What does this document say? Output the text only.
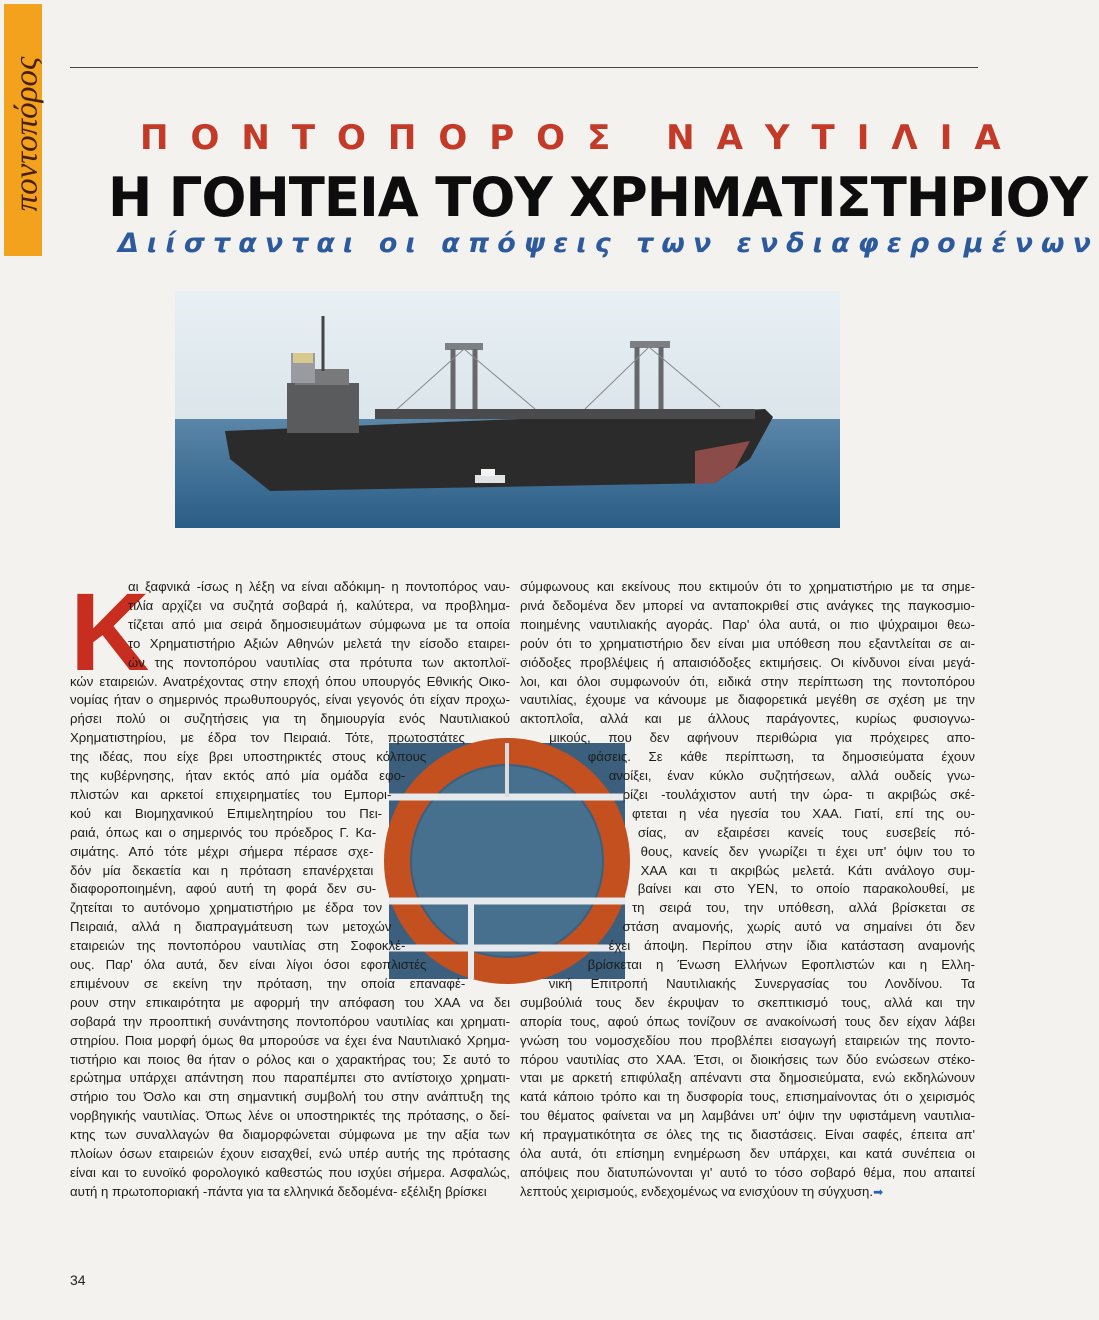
ποντοπόρος	ΠΟΝΤΟΠΟΡΟΣ ΝΑΥΤΙΛΙΑ
Η ΓΟΗΤΕΙΑ ΤΟΥ ΧΡΗΜΑΤΙΣΤΗΡΙΟΥ
Διίστανται οι απόψεις των ενδιαφερομένων
Κ
αι ξαφνικά -ίσως η λέξη να είναι αδόκιμη- η ποντοπόρος ναυ-
τιλία αρχίζει να συζητά σοβαρά ή, καλύτερα, να προβλημα-
τίζεται από μια σειρά δημοσιευμάτων σύμφωνα με τα οποία
το Χρηματιστήριο Αξιών Αθηνών μελετά την είσοδο εταιρει-
ών της ποντοπόρου ναυτιλίας στα πρότυπα των ακτοπλοϊ-
κών εταιρειών. Ανατρέχοντας στην εποχή όπου υπουργός Εθνικής Οικο-
νομίας ήταν ο σημερινός πρωθυπουργός, είναι γεγονός ότι είχαν προχω-
ρήσει πολύ οι συζητήσεις για τη δημιουργία ενός Ναυτιλιακού
Χρηματιστηρίου, με έδρα τον Πειραιά. Τότε, πρωτοστάτες
της ιδέας, που είχε βρει υποστηρικτές στους κόλπους
της κυβέρνησης, ήταν εκτός από μία ομάδα εφο-
πλιστών και αρκετοί επιχειρηματίες του Εμπορι-
κού και Βιομηχανικού Επιμελητηρίου του Πει-
ραιά, όπως και ο σημερινός του πρόεδρος Γ. Κα-
σιμάτης. Από τότε μέχρι σήμερα πέρασε σχε-
δόν μία δεκαετία και η πρόταση επανέρχεται
διαφοροποιημένη, αφού αυτή τη φορά δεν συ-
ζητείται το αυτόνομο χρηματιστήριο με έδρα τον
Πειραιά, αλλά η διαπραγμάτευση των μετοχών
εταιρειών της ποντοπόρου ναυτιλίας στη Σοφοκλέ-
ους. Παρ' όλα αυτά, δεν είναι λίγοι όσοι εφοπλιστές
επιμένουν σε εκείνη την πρόταση, την οποία επαναφέ-
ρουν στην επικαιρότητα με αφορμή την απόφαση του ΧΑΑ να δει
σοβαρά την προοπτική συνάντησης ποντοπόρου ναυτιλίας και χρηματι-
στηρίου. Ποια μορφή όμως θα μπορούσε να έχει ένα Ναυτιλιακό Χρημα-
τιστήριο και ποιος θα ήταν ο ρόλος και ο χαρακτήρας του; Σε αυτό το
ερώτημα υπάρχει απάντηση που παραπέμπει στο αντίστοιχο χρηματι-
στήριο του Όσλο και στη σημαντική συμβολή του στην ανάπτυξη της
νορβηγικής ναυτιλίας. Όπως λένε οι υποστηρικτές της πρότασης, ο δεί-
κτης των συναλλαγών θα διαμορφώνεται σύμφωνα με την αξία των
πλοίων όσων εταιρειών έχουν εισαχθεί, ενώ υπέρ αυτής της πρότασης
είναι και το ευνοϊκό φορολογικό καθεστώς που ισχύει σήμερα. Ασφαλώς,
αυτή η πρωτοποριακή -πάντα για τα ελληνικά δεδομένα- εξέλιξη βρίσκει
σύμφωνους και εκείνους που εκτιμούν ότι το χρηματιστήριο με τα σημε-
ρινά δεδομένα δεν μπορεί να ανταποκριθεί στις ανάγκες της παγκοσμιο-
ποιημένης ναυτιλιακής αγοράς. Παρ' όλα αυτά, οι πιο ψύχραιμοι θεω-
ρούν ότι το χρηματιστήριο δεν είναι μια υπόθεση που εξαντλείται σε αι-
σιόδοξες προβλέψεις ή απαισιόδοξες εκτιμήσεις. Οι κίνδυνοι είναι μεγά-
λοι, και όλοι συμφωνούν ότι, ειδικά στην περίπτωση της ποντοπόρου
ναυτιλίας, έχουμε να κάνουμε με διαφορετικά μεγέθη σε σχέση με την
ακτοπλοΐα, αλλά και με άλλους παράγοντες, κυρίως φυσιογνω-
μικούς, που δεν αφήνουν περιθώρια για πρόχειρες απο-
φάσεις. Σε κάθε περίπτωση, τα δημοσιεύματα έχουν
ανοίξει, έναν κύκλο συζητήσεων, αλλά ουδείς γνω-
ρίζει -τουλάχιστον αυτή την ώρα- τι ακριβώς σκέ-
φτεται η νέα ηγεσία του ΧΑΑ. Γιατί, επί της ου-
σίας, αν εξαιρέσει κανείς τους ευσεβείς πό-
θους, κανείς δεν γνωρίζει τι έχει υπ' όψιν του το
ΧΑΑ και τι ακριβώς μελετά. Κάτι ανάλογο συμ-
βαίνει και στο ΥΕΝ, το οποίο παρακολουθεί, με
τη σειρά του, την υπόθεση, αλλά βρίσκεται σε
στάση αναμονής, χωρίς αυτό να σημαίνει ότι δεν
έχει άποψη. Περίπου στην ίδια κατάσταση αναμονής
βρίσκεται η Ένωση Ελλήνων Εφοπλιστών και η Ελλη-
νική Επιτροπή Ναυτιλιακής Συνεργασίας του Λονδίνου. Τα
συμβούλιά τους δεν έκρυψαν το σκεπτικισμό τους, αλλά και την
απορία τους, αφού όπως τονίζουν σε ανακοίνωσή τους δεν είχαν λάβει
γνώση του νομοσχεδίου που προβλέπει εισαγωγή εταιρειών της ποντο-
πόρου ναυτιλίας στο ΧΑΑ. Έτσι, οι διοικήσεις των δύο ενώσεων στέκο-
νται με αρκετή επιφύλαξη απέναντι στα δημοσιεύματα, ενώ εκδηλώνουν
κατά κάποιο τρόπο και τη δυσφορία τους, επισημαίνοντας ότι ο χειρισμός
του θέματος φαίνεται να μη λαμβάνει υπ' όψιν την υφιστάμενη ναυτιλια-
κή πραγματικότητα σε όλες της τις διαστάσεις. Είναι σαφές, έπειτα απ'
όλα αυτά, ότι επίσημη ενημέρωση δεν υπάρχει, και κατά συνέπεια οι
απόψεις που διατυπώνονται γι' αυτό το τόσο σοβαρό θέμα, που απαιτεί
λεπτούς χειρισμούς, ενδεχομένως να ενισχύουν τη σύγχυση.➡
34
